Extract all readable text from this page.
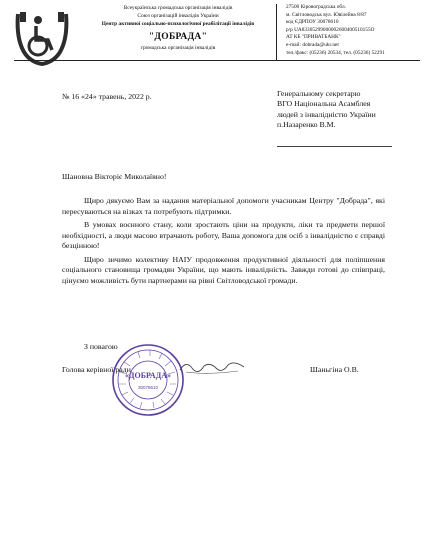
Всеукраїнська громадська організація інвалідів
Союз організацій інвалідів України
Центр активної соціально-психологічної реабілітації інвалідів
"ДОБРАДА"
громадська організація інвалідів
27500 Кіровоградська обл.
м. Світловодськ вул. Ювілейна 8/87
код ЄДРПОУ 30078610
р/р UA83305299000002600400510155O
АТ КБ "ПРИВАТБАНК"
e-mail: dobrada@ukr.net
тел./факс: (05236) 20534, тел. (05236) 52291
№ 16 «24» травень, 2022 р.	Генеральному секретарю
ВГО Національна Асамблея
людей з інвалідністю України
п.Назаренко В.М.
Шановна Вікторіє Миколаївно!

Щиро дякуємо Вам за надання матеріальної допомоги учасникам Центру "Добрада", які пересуваються на візках та потребують підтримки.

В умовах воєнного стану, коли зростають ціни на продукти, ліки та предмети першої необхідності, а люди масово втрачають роботу, Ваша допомога для осіб з інвалідністю є справді безцінною!

Щиро зичимо колективу НАІУ продовження продуктивної діяльності для поліпшення соціального становища громадян України, що мають інвалідність. Завжди готові до співпраці, цінуємо можливість бути партнерами на рівні Світловодської громади.

З повагою
«ДОБРАДА»
30078610
Голова керівної ради	Шаньгіна О.В.
